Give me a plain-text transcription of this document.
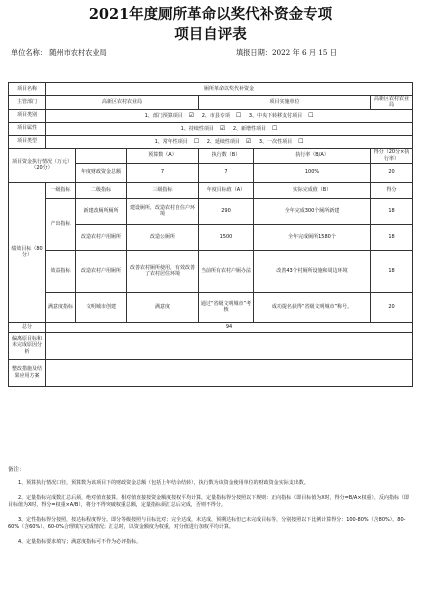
2021年度厕所革命以奖代补资金专项
项目自评表
单位名称： 随州市农村农业局	填报日期：2022 年 6 月 15 日
项目名称	厕所革命以奖代补资金					
主管部门	高新区农村农业局			项目实施单位		高新区农村农业局
项目类别	1、部门预算项目 ☑ 2、市县专项 ☐ 3、中央下转移支付项目 ☐					
项目属性	1、持续性项目 ☑ 2、新增性项目 ☐					
项目类型	1、常年性项目 ☐ 2、延续性项目 ☑ 3、一次性项目 ☐					
项目资金执行情况（万元）（20分）			预算数（A）	执行数（B）	执行率（B/A）	得分（20分×执行率）
		年度财政资金总额	7	7	100%	20
绩效目标（80分）	一级指标	二级指标	三级指标	年度目标值（A）	实际完成值（B）	得分
	产出指标	新建改厕所厕所	建设厕所，改造农村自住户环境	290	全年完成300个厕所新建	18
		改造农村户用厕所	改造公厕所	1500	全年完成厕所1580个	18
	效益指标	改造农村户用厕所	改善农村厕所使用，有效改善了农村居住环境	当前所有农村户厕办法	改善43个村厕所设施和周边环境	18
	满意度指标	文明城市创建	满意度	通过“省级文明城市”考核	成功提名获得“省级文明城市”称号。	20
总分	94					
偏离原目标和未完成原因分析						
整改措施及结果应用方案						

备注：

1、预算执行情况口径，预算数为该项目下的财政资金总额（包括上年结余结转），执行数为该资金使用单位的财政资金实际支出数。

2、定量指标完成数汇总后须，绝对值直接算，相对值直接按资金额度按权平均计算，定量指标得分按照以下规则：正向指标（即目标值为X时，得分=B/A×权重），反向指标（即目标值为X时，得分=权重×A/B），将分不得突破权重总额，定量指标须汇总后完成，否则不得分。

3、定性指标得分按照，按达标程度得分。即分等级按照与目标比对；完全达成，未达成，预期达标但已未完成目标等，分别按照以下比例计算得分：100-80%（含80%）、80-60%（含60%）、60-0%合理填写完成情况；汇总时，以资金额度为权重，对分值进行加权平均计算。

4、定量指标要求填写；满意度指标可不作为必评指标。
